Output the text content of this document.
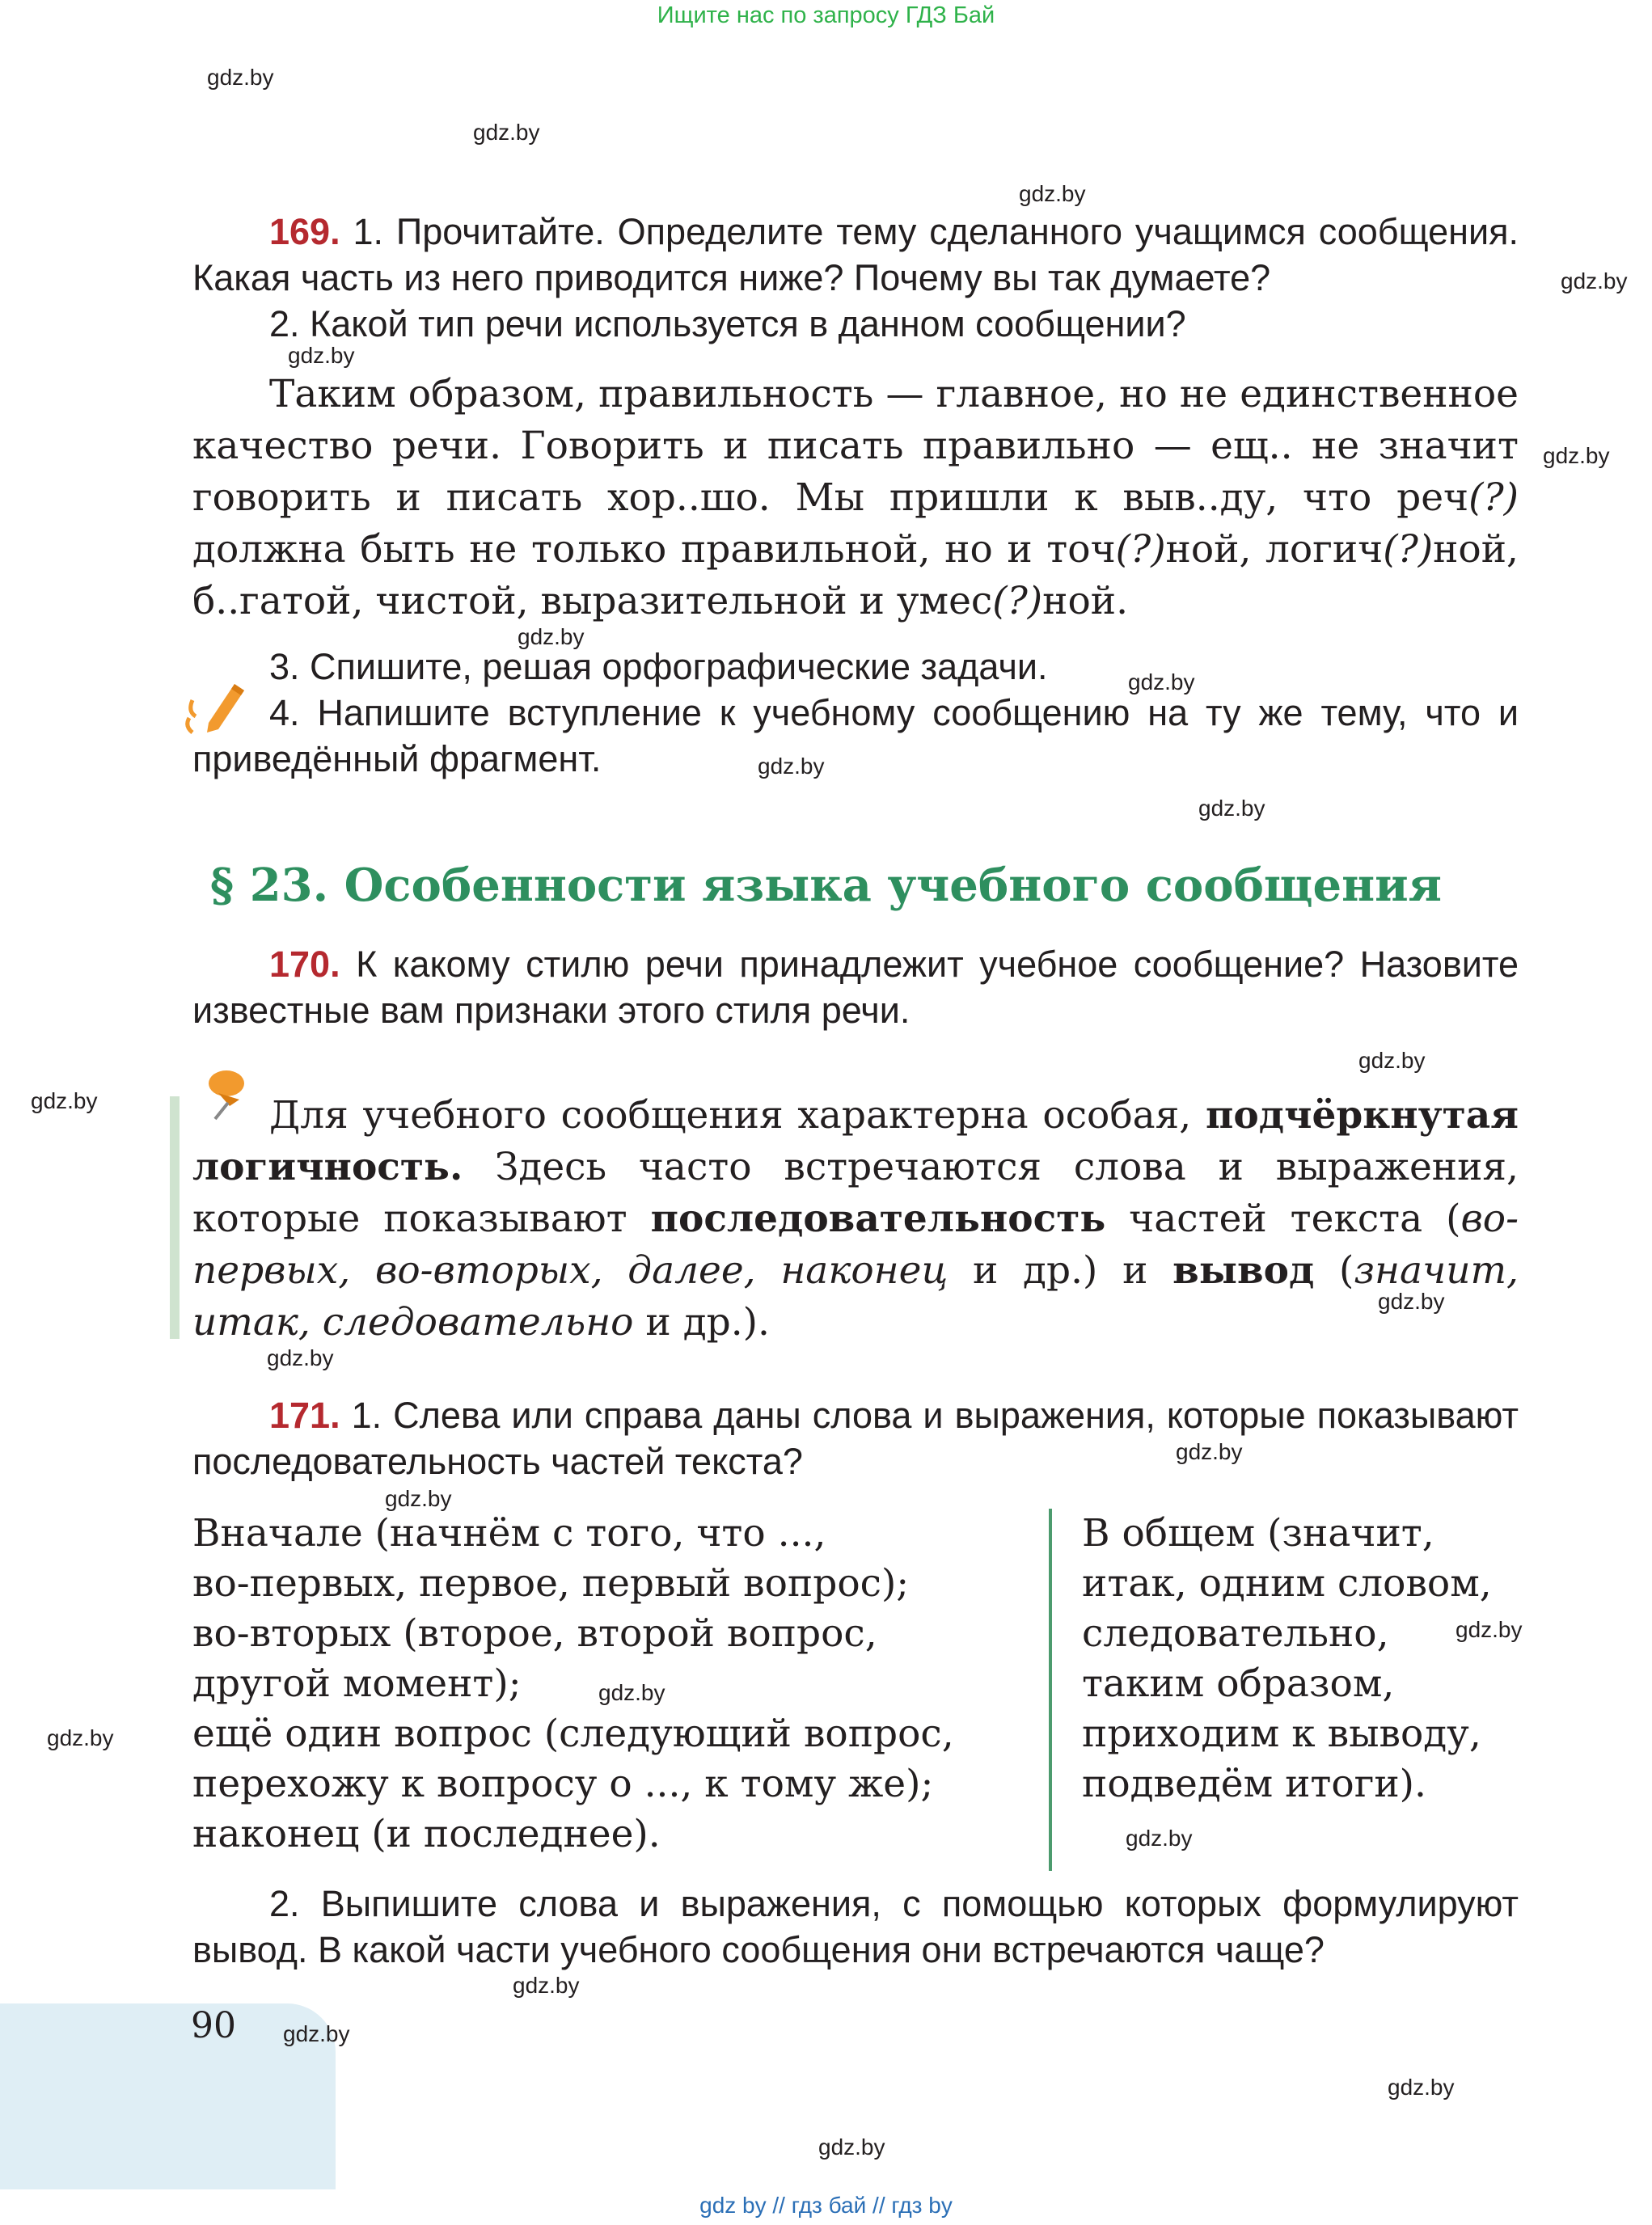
Ищите нас по запросу ГДЗ Бай
gdz.by
gdz.by
gdz.by
gdz.by
gdz.by
gdz.by
gdz.by
gdz.by
gdz.by
gdz.by
gdz.by
gdz.by
gdz.by
gdz.by
gdz.by
gdz.by
gdz.by
gdz.by
gdz.by
gdz.by
gdz.by
gdz.by
gdz.by

169. 1. Прочитайте. Определите тему сделанного учащимся сообщения. Какая часть из него приводится ниже? Почему вы так думаете?

2. Какой тип речи используется в данном сообщении?

Таким образом, правильность — главное, но не единственное качество речи. Говорить и писать правильно — ещ.. не значит говорить и писать хор..шо. Мы пришли к выв..ду, что реч(?) должна быть не только правильной, но и точ(?)ной, логич(?)ной, б..гатой, чистой, выразительной и умес(?)ной.

3. Спишите, решая орфографические задачи.

4. Напишите вступление к учебному сообщению на ту же тему, что и приведённый фрагмент.

§ 23. Особенности языка учебного сообщения

170. К какому стилю речи принадлежит учебное сообщение? Назовите известные вам признаки этого стиля речи.

Для учебного сообщения характерна особая, подчёркнутая логичность. Здесь часто встречаются слова и выражения, которые показывают последовательность частей текста (во-первых, во-вторых, далее, наконец и др.) и вывод (значит, итак, следовательно и др.).

171. 1. Слева или справа даны слова и выражения, которые показывают последовательность частей текста?

Вначале (начнём с того, что ...,
во-первых, первое, первый вопрос);
во-вторых (второе, второй вопрос,
другой момент);
ещё один вопрос (следующий вопрос,
перехожу к вопросу о ..., к тому же);
наконец (и последнее).
В общем (значит,
итак, одним словом,
следовательно,
таким образом,
приходим к выводу,
подведём итоги).

2. Выпишите слова и выражения, с помощью которых формулируют вывод. В какой части учебного сообщения они встречаются чаще?

90 gdz.by
gdz by // гдз бай // гдз by
